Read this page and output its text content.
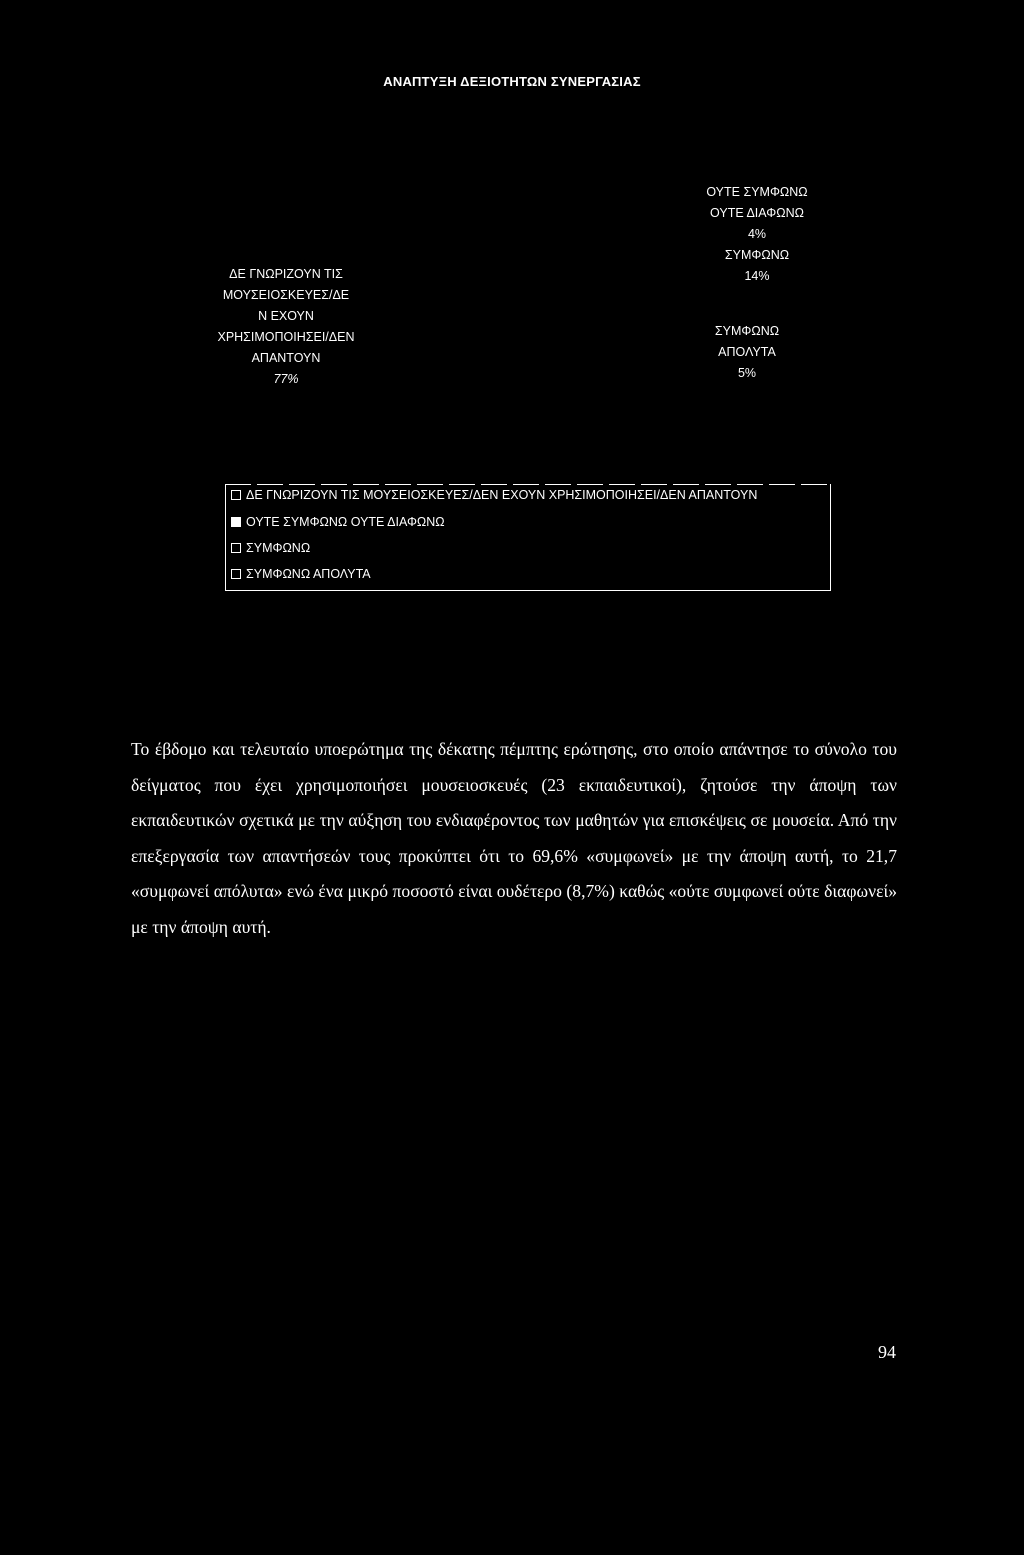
ΑΝΑΠΤΥΞΗ ΔΕΞΙΟΤΗΤΩΝ ΣΥΝΕΡΓΑΣΙΑΣ
ΔΕ ΓΝΩΡΙΖΟΥΝ ΤΙΣ
ΜΟΥΣΕΙΟΣΚΕΥΕΣ/ΔΕ
Ν ΕΧΟΥΝ
ΧΡΗΣΙΜΟΠΟΙΗΣΕΙ/ΔΕΝ
ΑΠΑΝΤΟΥΝ
77%
ΟΥΤΕ ΣΥΜΦΩΝΩ
ΟΥΤΕ ΔΙΑΦΩΝΩ
4%
ΣΥΜΦΩΝΩ
14%
ΣΥΜΦΩΝΩ
ΑΠΟΛΥΤΑ
5%
ΔΕ ΓΝΩΡΙΖΟΥΝ ΤΙΣ ΜΟΥΣΕΙΟΣΚΕΥΕΣ/ΔΕΝ ΕΧΟΥΝ ΧΡΗΣΙΜΟΠΟΙΗΣΕΙ/ΔΕΝ ΑΠΑΝΤΟΥΝ
ΟΥΤΕ ΣΥΜΦΩΝΩ ΟΥΤΕ ΔΙΑΦΩΝΩ
ΣΥΜΦΩΝΩ
ΣΥΜΦΩΝΩ ΑΠΟΛΥΤΑ
Το έβδομο και τελευταίο υποερώτημα της δέκατης πέμπτης ερώτησης, στο οποίο απάντησε το σύνολο του δείγματος που έχει χρησιμοποιήσει μουσειοσκευές (23 εκπαιδευτικοί), ζητούσε την άποψη των εκπαιδευτικών σχετικά με την αύξηση του ενδιαφέροντος των μαθητών για επισκέψεις σε μουσεία. Από την επεξεργασία των απαντήσεών τους προκύπτει ότι το 69,6% «συμφωνεί» με την άποψη αυτή, το 21,7 «συμφωνεί απόλυτα» ενώ ένα μικρό ποσοστό είναι ουδέτερο (8,7%) καθώς «ούτε συμφωνεί ούτε διαφωνεί» με την άποψη αυτή.
94
